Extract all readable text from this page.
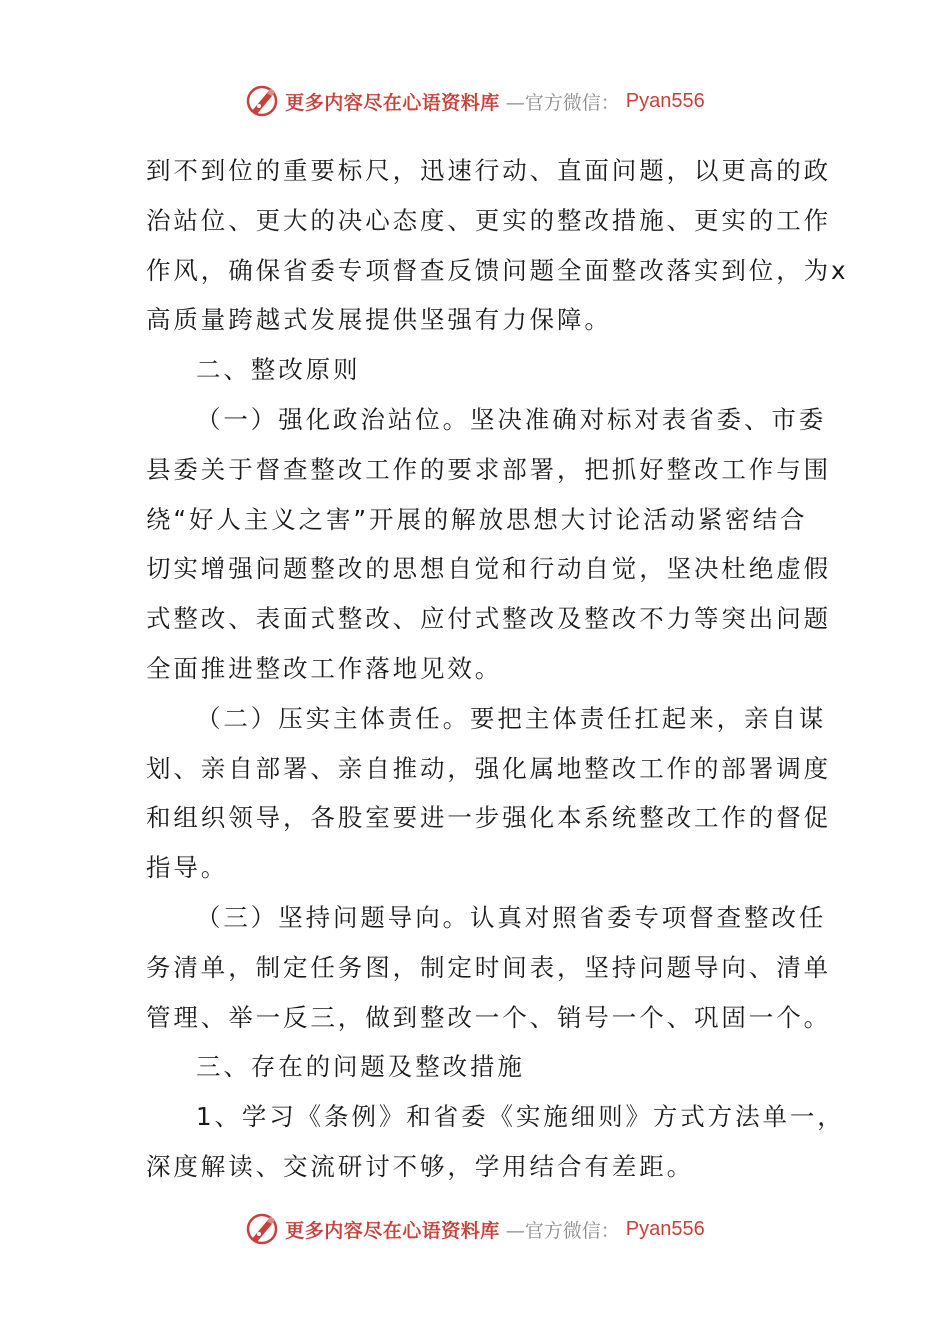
更多内容尽在心语资料库 —官方微信： Pyan556
到不到位的重要标尺，迅速行动、直面问题，以更高的政
治站位、更大的决心态度、更实的整改措施、更实的工作
作风，确保省委专项督查反馈问题全面整改落实到位，为x
高质量跨越式发展提供坚强有力保障。
二、整改原则
（一）强化政治站位。坚决准确对标对表省委、市委
县委关于督查整改工作的要求部署，把抓好整改工作与围
绕“好人主义之害”开展的解放思想大讨论活动紧密结合
切实增强问题整改的思想自觉和行动自觉，坚决杜绝虚假
式整改、表面式整改、应付式整改及整改不力等突出问题
全面推进整改工作落地见效。
（二）压实主体责任。要把主体责任扛起来，亲自谋
划、亲自部署、亲自推动，强化属地整改工作的部署调度
和组织领导，各股室要进一步强化本系统整改工作的督促
指导。
（三）坚持问题导向。认真对照省委专项督查整改任
务清单，制定任务图，制定时间表，坚持问题导向、清单
管理、举一反三，做到整改一个、销号一个、巩固一个。
三、存在的问题及整改措施
1、学习《条例》和省委《实施细则》方式方法单一，
深度解读、交流研讨不够，学用结合有差距。
更多内容尽在心语资料库 —官方微信： Pyan556
